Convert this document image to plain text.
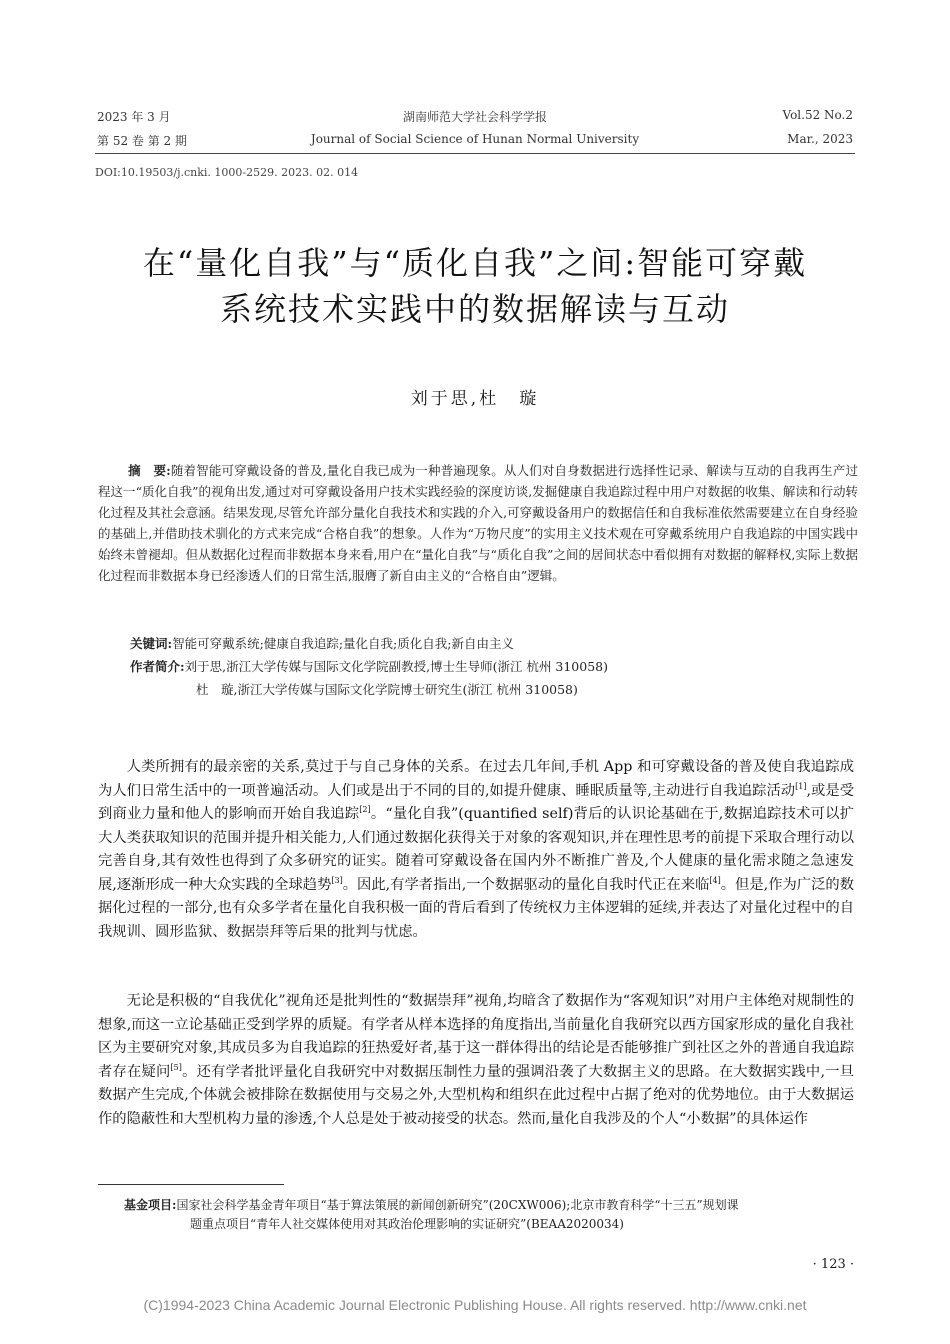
2023 年 3 月
第 52 卷 第 2 期
湖南师范大学社会科学学报
Journal of Social Science of Hunan Normal University
Vol.52 No.2
Mar., 2023
DOI:10.19503/j.cnki. 1000-2529. 2023. 02. 014
在“量化自我”与“质化自我”之间:智能可穿戴
系统技术实践中的数据解读与互动
刘于思,杜　璇
摘　要:随着智能可穿戴设备的普及,量化自我已成为一种普遍现象。从人们对自身数据进行选择性记录、解读与互动的自我再生产过程这一“质化自我”的视角出发,通过对可穿戴设备用户技术实践经验的深度访谈,发掘健康自我追踪过程中用户对数据的收集、解读和行动转化过程及其社会意涵。结果发现,尽管允许部分量化自我技术和实践的介入,可穿戴设备用户的数据信任和自我标准依然需要建立在自身经验的基础上,并借助技术驯化的方式来完成“合格自我”的想象。人作为“万物尺度”的实用主义技术观在可穿戴系统用户自我追踪的中国实践中始终未曾褪却。但从数据化过程而非数据本身来看,用户在“量化自我”与“质化自我”之间的居间状态中看似拥有对数据的解释权,实际上数据化过程而非数据本身已经渗透人们的日常生活,服膺了新自由主义的“合格自由”逻辑。
关键词:智能可穿戴系统;健康自我追踪;量化自我;质化自我;新自由主义
作者简介:刘于思,浙江大学传媒与国际文化学院副教授,博士生导师(浙江 杭州 310058)
杜　璇,浙江大学传媒与国际文化学院博士研究生(浙江 杭州 310058)

人类所拥有的最亲密的关系,莫过于与自己身体的关系。在过去几年间,手机 App 和可穿戴设备的普及使自我追踪成为人们日常生活中的一项普遍活动。人们或是出于不同的目的,如提升健康、睡眠质量等,主动进行自我追踪活动[1],或是受到商业力量和他人的影响而开始自我追踪[2]。“量化自我”(quantified self)背后的认识论基础在于,数据追踪技术可以扩大人类获取知识的范围并提升相关能力,人们通过数据化获得关于对象的客观知识,并在理性思考的前提下采取合理行动以完善自身,其有效性也得到了众多研究的证实。随着可穿戴设备在国内外不断推广普及,个人健康的量化需求随之急速发展,逐渐形成一种大众实践的全球趋势[3]。因此,有学者指出,一个数据驱动的量化自我时代正在来临[4]。但是,作为广泛的数据化过程的一部分,也有众多学者在量化自我积极一面的背后看到了传统权力主体逻辑的延续,并表达了对量化过程中的自我规训、圆形监狱、数据崇拜等后果的批判与忧虑。

无论是积极的“自我优化”视角还是批判性的“数据崇拜”视角,均暗含了数据作为“客观知识”对用户主体绝对规制性的想象,而这一立论基础正受到学界的质疑。有学者从样本选择的角度指出,当前量化自我研究以西方国家形成的量化自我社区为主要研究对象,其成员多为自我追踪的狂热爱好者,基于这一群体得出的结论是否能够推广到社区之外的普通自我追踪者存在疑问[5]。还有学者批评量化自我研究中对数据压制性力量的强调沿袭了大数据主义的思路。在大数据实践中,一旦数据产生完成,个体就会被排除在数据使用与交易之外,大型机构和组织在此过程中占据了绝对的优势地位。由于大数据运作的隐蔽性和大型机构力量的渗透,个人总是处于被动接受的状态。然而,量化自我涉及的个人“小数据”的具体运作

基金项目:国家社会科学基金青年项目“基于算法策展的新闻创新研究”(20CXW006);北京市教育科学“十三五”规划课
题重点项目“青年人社交媒体使用对其政治伦理影响的实证研究”(BEAA2020034)
· 123 ·
(C)1994-2023 China Academic Journal Electronic Publishing House. All rights reserved. http://www.cnki.net
